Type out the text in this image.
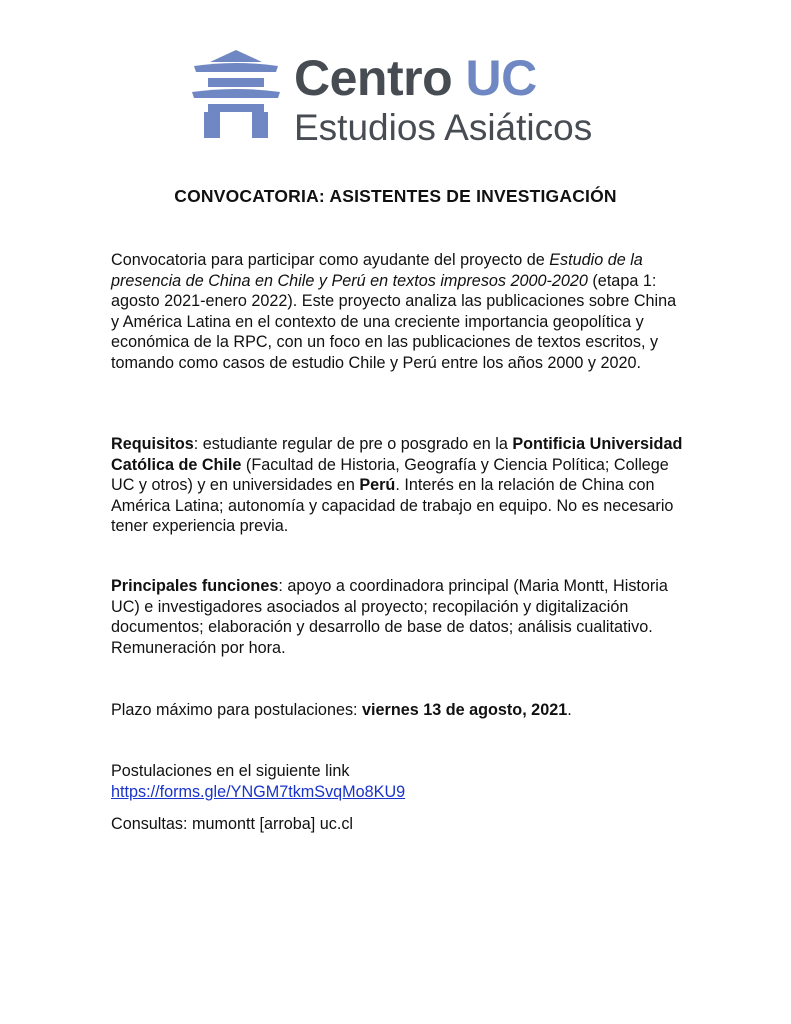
Centro UC
Estudios Asiáticos
CONVOCATORIA: ASISTENTES DE INVESTIGACIÓN
Convocatoria para participar como ayudante del proyecto de Estudio de la presencia de China en Chile y Perú en textos impresos 2000-2020 (etapa 1: agosto 2021-enero 2022). Este proyecto analiza las publicaciones sobre China y América Latina en el contexto de una creciente importancia geopolítica y económica de la RPC, con un foco en las publicaciones de textos escritos, y tomando como casos de estudio Chile y Perú entre los años 2000 y 2020.
Requisitos: estudiante regular de pre o posgrado en la Pontificia Universidad Católica de Chile (Facultad de Historia, Geografía y Ciencia Política; College UC y otros) y en universidades en Perú. Interés en la relación de China con América Latina; autonomía y capacidad de trabajo en equipo. No es necesario tener experiencia previa.
Principales funciones: apoyo a coordinadora principal (Maria Montt, Historia UC) e investigadores asociados al proyecto; recopilación y digitalización documentos; elaboración y desarrollo de base de datos; análisis cualitativo. Remuneración por hora.
Plazo máximo para postulaciones: viernes 13 de agosto, 2021.
Postulaciones en el siguiente link
https://forms.gle/YNGM7tkmSvqMo8KU9
Consultas: mumontt [arroba] uc.cl
